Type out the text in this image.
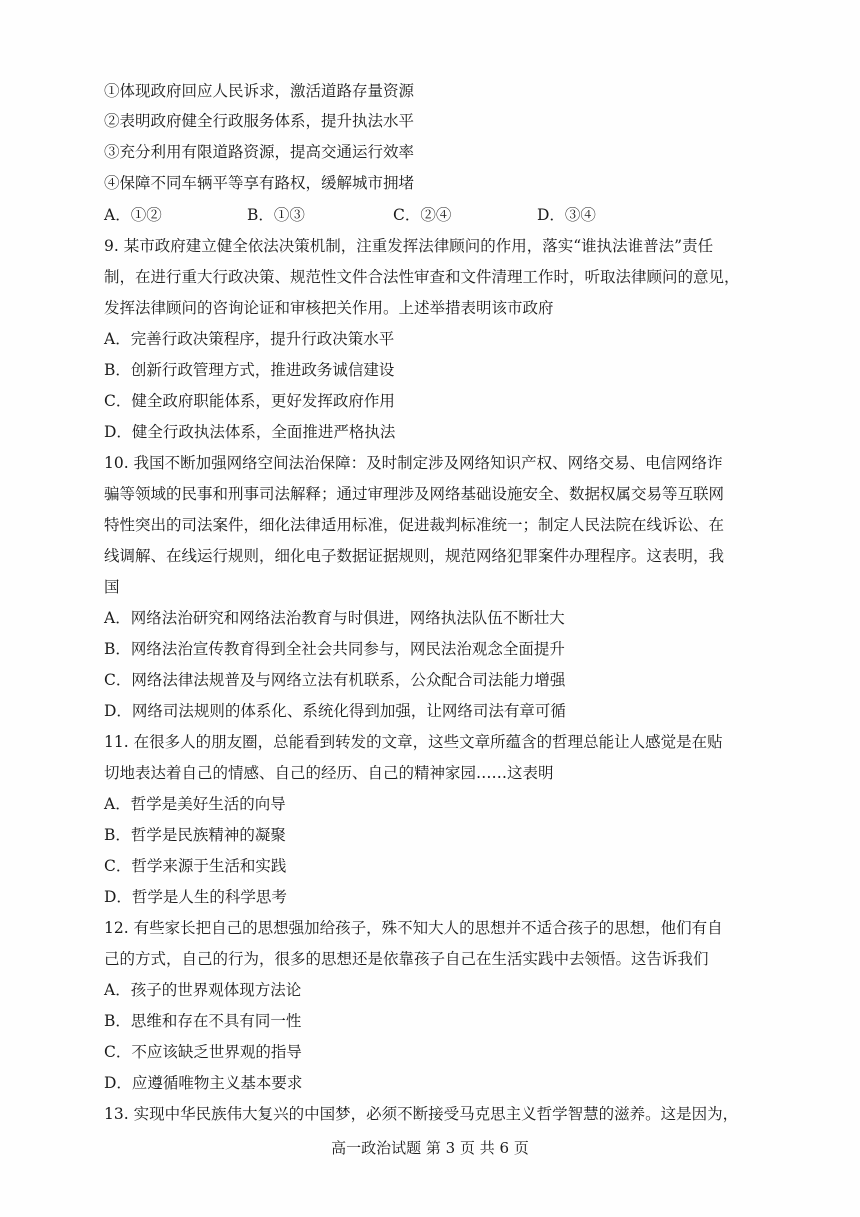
①体现政府回应人民诉求，激活道路存量资源
②表明政府健全行政服务体系，提升执法水平
③充分利用有限道路资源，提高交通运行效率
④保障不同车辆平等享有路权，缓解城市拥堵
A．①②	B．①③	C．②④	D．③④
9. 某市政府建立健全依法决策机制，注重发挥法律顾问的作用，落实“谁执法谁普法”责任
制，在进行重大行政决策、规范性文件合法性审查和文件清理工作时，听取法律顾问的意见，
发挥法律顾问的咨询论证和审核把关作用。上述举措表明该市政府
A．完善行政决策程序，提升行政决策水平
B．创新行政管理方式，推进政务诚信建设
C．健全政府职能体系，更好发挥政府作用
D．健全行政执法体系，全面推进严格执法
10. 我国不断加强网络空间法治保障：及时制定涉及网络知识产权、网络交易、电信网络诈
骗等领域的民事和刑事司法解释；通过审理涉及网络基础设施安全、数据权属交易等互联网
特性突出的司法案件，细化法律适用标准，促进裁判标准统一；制定人民法院在线诉讼、在
线调解、在线运行规则，细化电子数据证据规则，规范网络犯罪案件办理程序。这表明，我
国
A．网络法治研究和网络法治教育与时俱进，网络执法队伍不断壮大
B．网络法治宣传教育得到全社会共同参与，网民法治观念全面提升
C．网络法律法规普及与网络立法有机联系，公众配合司法能力增强
D．网络司法规则的体系化、系统化得到加强，让网络司法有章可循
11. 在很多人的朋友圈，总能看到转发的文章，这些文章所蕴含的哲理总能让人感觉是在贴
切地表达着自己的情感、自己的经历、自己的精神家园……这表明
A．哲学是美好生活的向导
B．哲学是民族精神的凝聚
C．哲学来源于生活和实践
D．哲学是人生的科学思考
12. 有些家长把自己的思想强加给孩子，殊不知大人的思想并不适合孩子的思想，他们有自
己的方式，自己的行为，很多的思想还是依靠孩子自己在生活实践中去领悟。这告诉我们
A．孩子的世界观体现方法论
B．思维和存在不具有同一性
C．不应该缺乏世界观的指导
D．应遵循唯物主义基本要求
13. 实现中华民族伟大复兴的中国梦，必须不断接受马克思主义哲学智慧的滋养。这是因为，
高一政治试题 第 3 页 共 6 页
